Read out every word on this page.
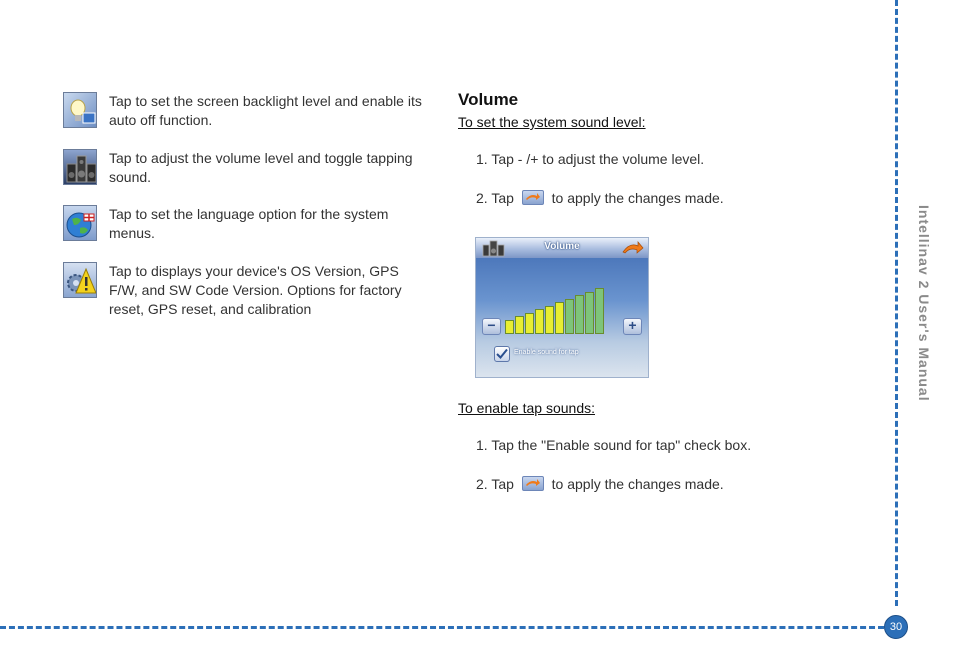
30
Intellinav 2 User's Manual
Tap to set the screen backlight level and enable its auto off function.
Tap to adjust the volume level and toggle tapping sound.
Tap to set the language option for the system menus.
Tap to displays your device's OS Version, GPS F/W, and SW Code Version. Options for factory reset, GPS reset, and calibration
Volume
To set the system sound level:
1. Tap - /+ to adjust the volume level.
2. Tap	to apply the changes made.
Volume
−	+
Enable sound for tap
To enable tap sounds:
1. Tap the "Enable sound for tap" check box.
2. Tap	to apply the changes made.
